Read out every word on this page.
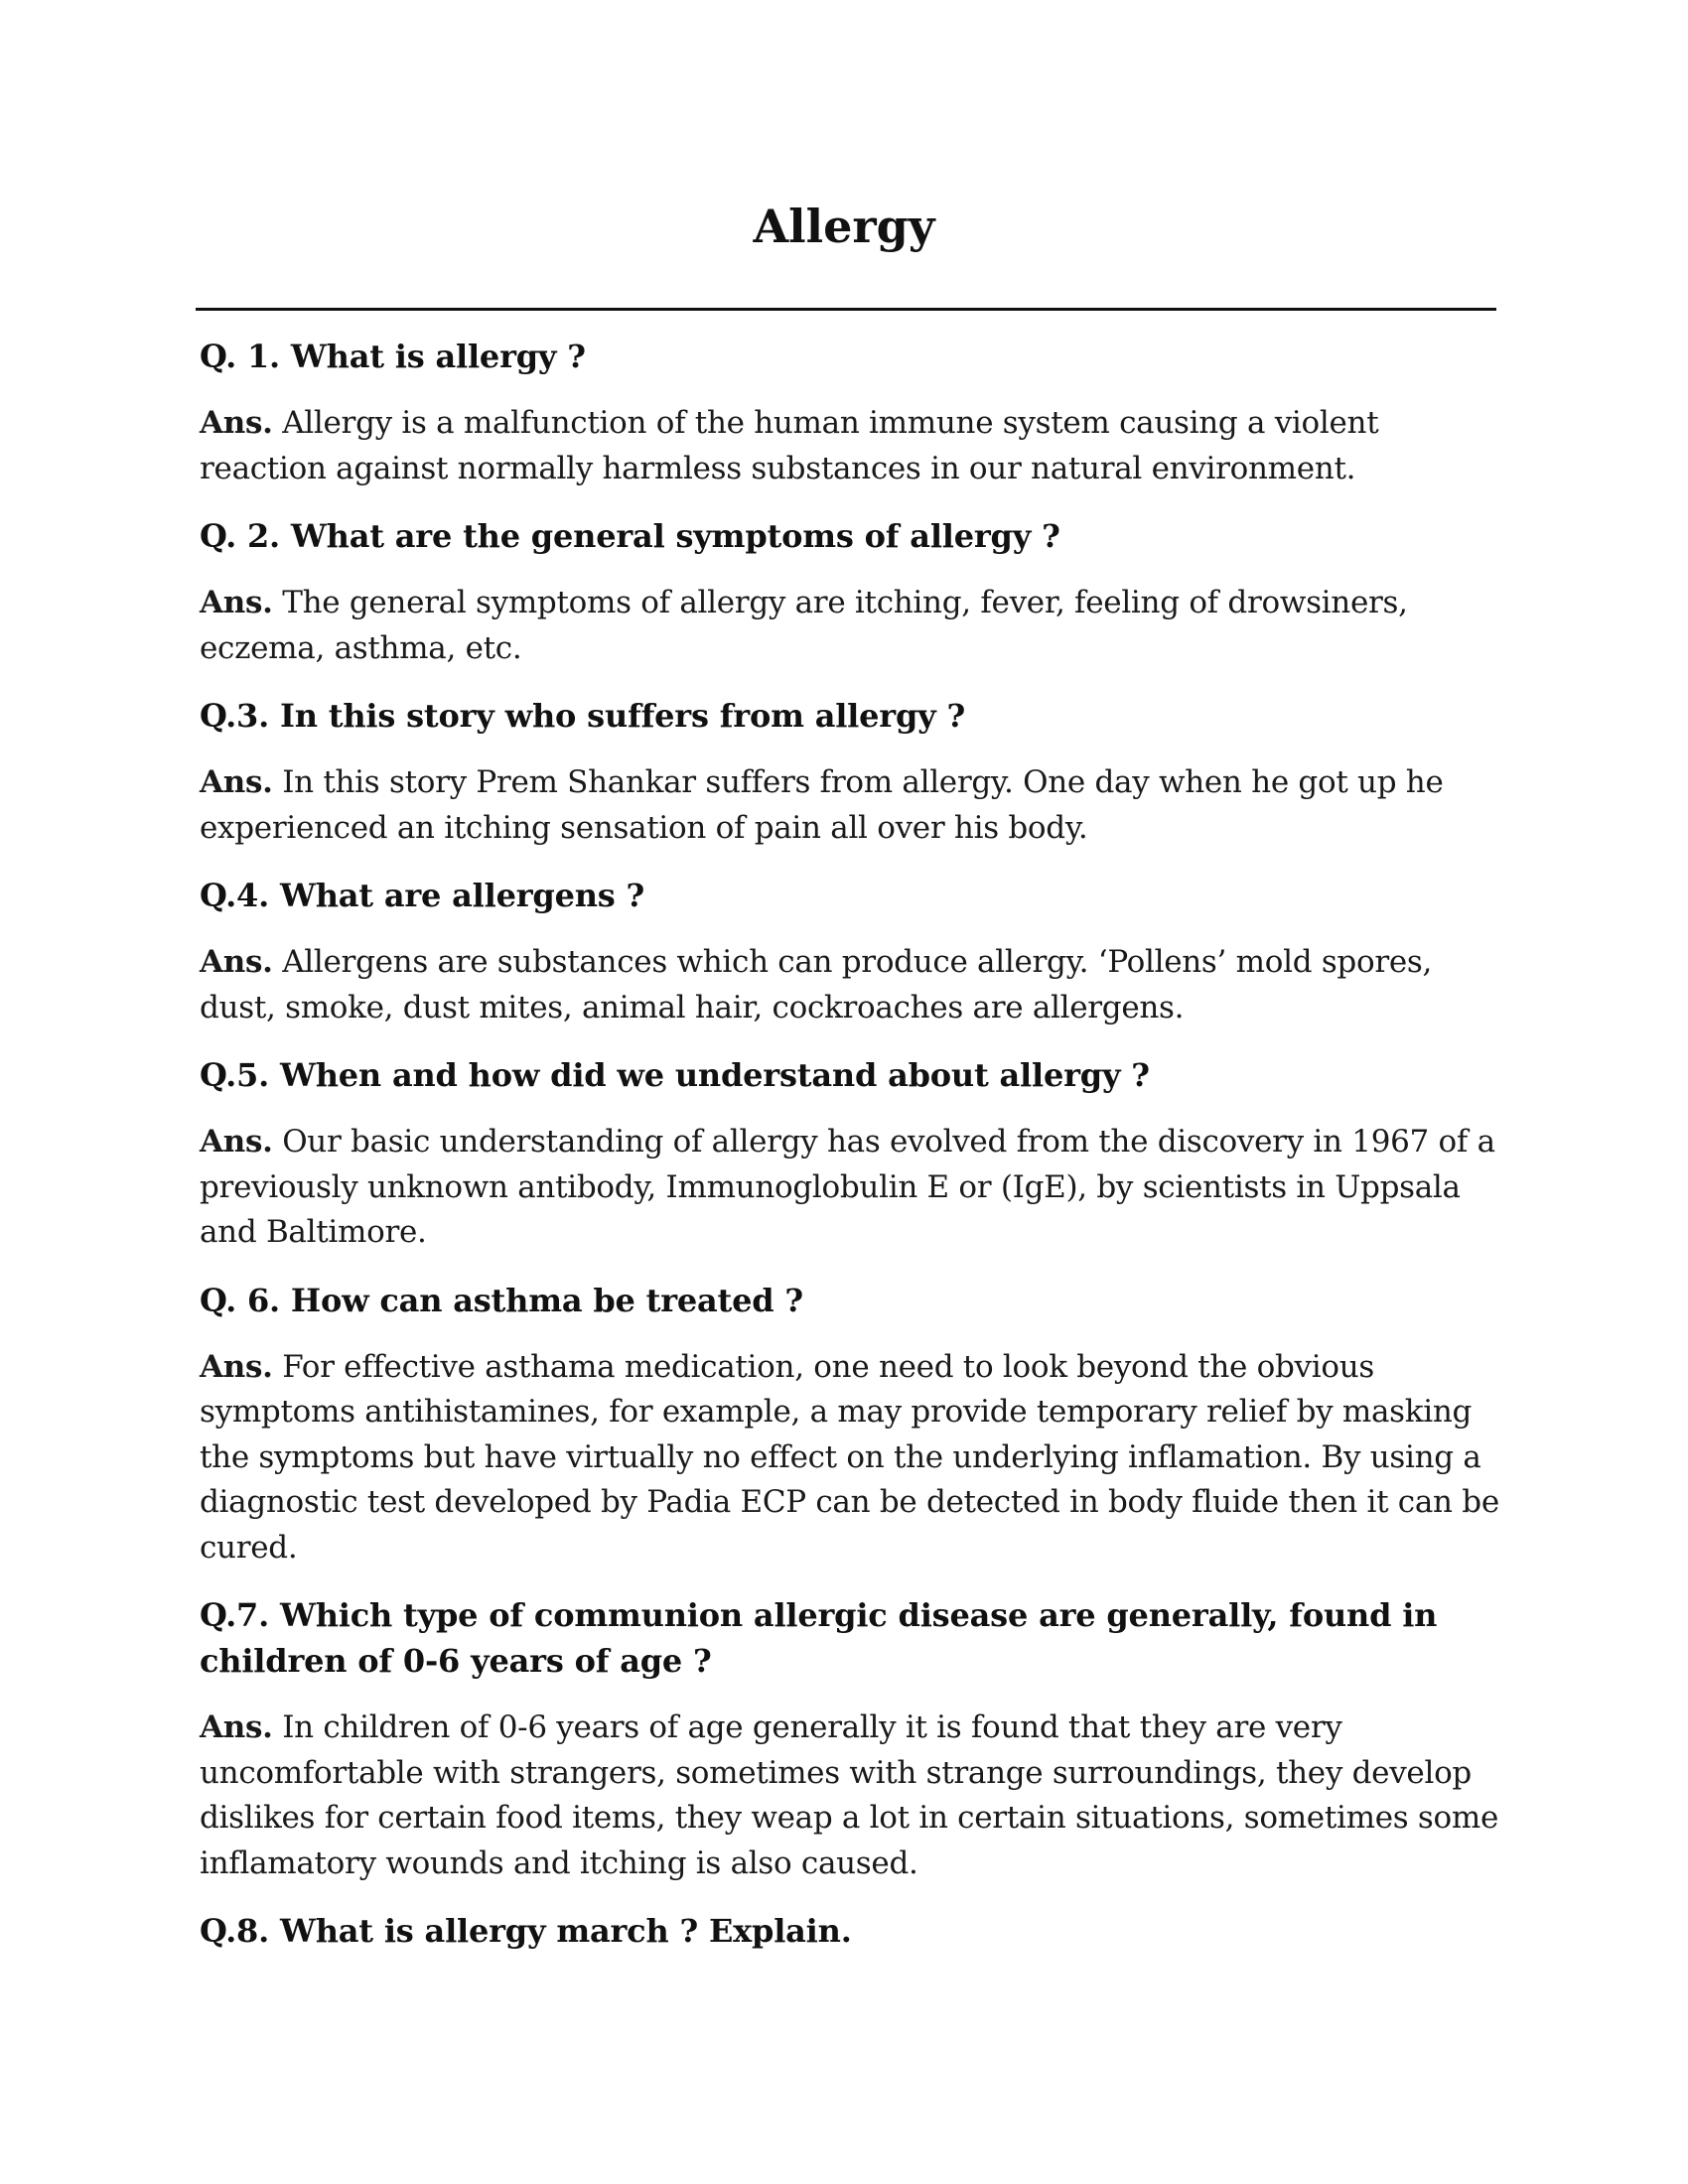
Allergy

Q. 1. What is allergy ?

Ans. Allergy is a malfunction of the human immune system causing a violent reaction against normally harmless substances in our natural environment.

Q. 2. What are the general symptoms of allergy ?

Ans. The general symptoms of allergy are itching, fever, feeling of drowsiners, eczema, asthma, etc.

Q.3. In this story who suffers from allergy ?

Ans. In this story Prem Shankar suffers from allergy. One day when he got up he experienced an itching sensation of pain all over his body.

Q.4. What are allergens ?

Ans. Allergens are substances which can produce allergy. ‘Pollens’ mold spores, dust, smoke, dust mites, animal hair, cockroaches are allergens.

Q.5. When and how did we understand about allergy ?

Ans. Our basic understanding of allergy has evolved from the discovery in 1967 of a previously unknown antibody, Immunoglobulin E or (IgE), by scientists in Uppsala and Baltimore.

Q. 6. How can asthma be treated ?

Ans. For effective asthama medication, one need to look beyond the obvious symptoms antihistamines, for example, a may provide temporary relief by masking the symptoms but have virtually no effect on the underlying inflamation. By using a diagnostic test developed by Padia ECP can be detected in body fluide then it can be cured.

Q.7. Which type of communion allergic disease are generally, found in children of 0-6 years of age ?

Ans. In children of 0-6 years of age generally it is found that they are very uncomfortable with strangers, sometimes with strange surroundings, they develop dislikes for certain food items, they weap a lot in certain situations, sometimes some inflamatory wounds and itching is also caused.

Q.8. What is allergy march ? Explain.
